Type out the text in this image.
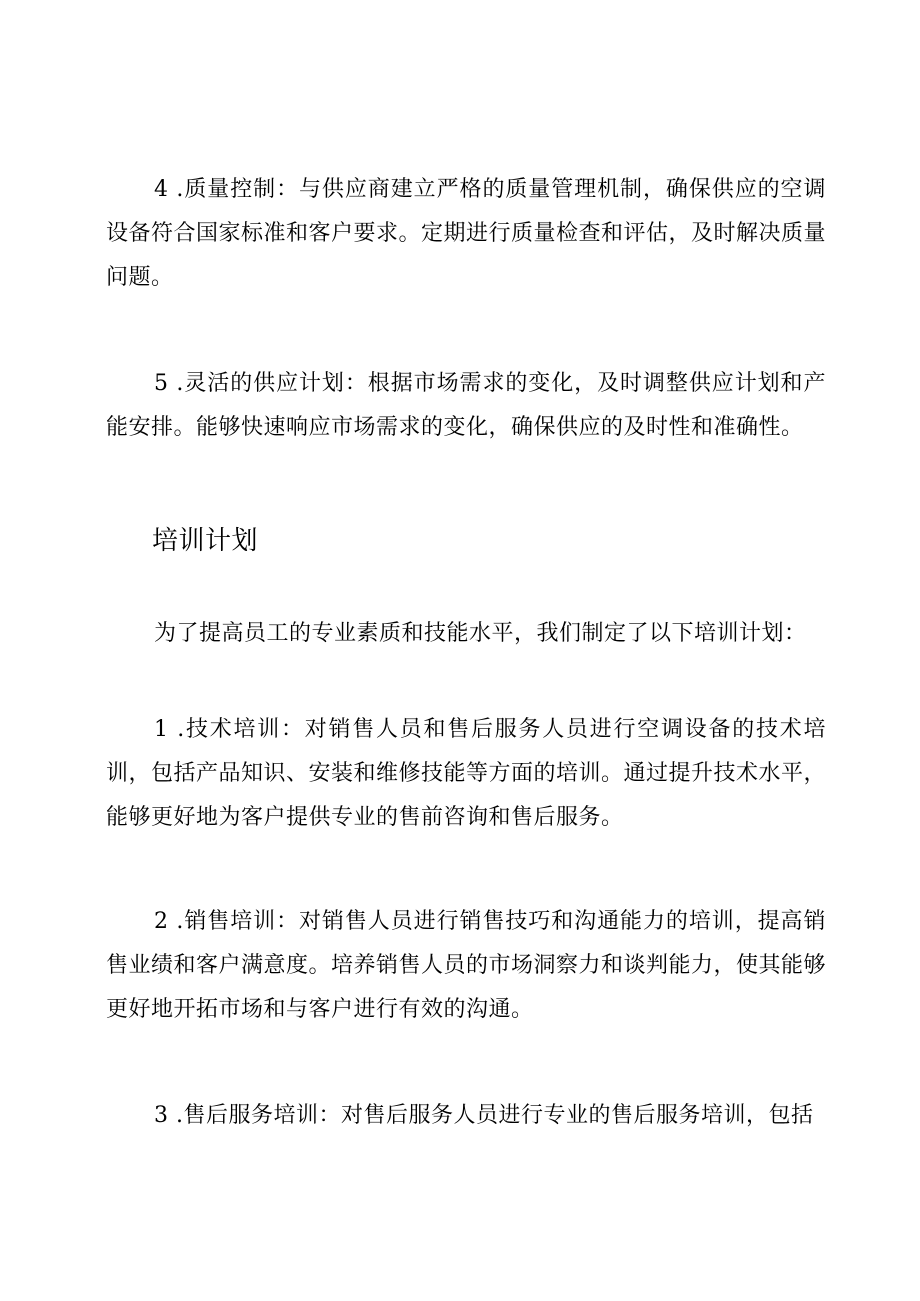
4 .质量控制：与供应商建立严格的质量管理机制，确保供应的空调设备符合国家标准和客户要求。定期进行质量检查和评估，及时解决质量问题。

5 .灵活的供应计划：根据市场需求的变化，及时调整供应计划和产能安排。能够快速响应市场需求的变化，确保供应的及时性和准确性。

培训计划

为了提高员工的专业素质和技能水平，我们制定了以下培训计划：

1 .技术培训：对销售人员和售后服务人员进行空调设备的技术培训，包括产品知识、安装和维修技能等方面的培训。通过提升技术水平，能够更好地为客户提供专业的售前咨询和售后服务。

2 .销售培训：对销售人员进行销售技巧和沟通能力的培训，提高销售业绩和客户满意度。培养销售人员的市场洞察力和谈判能力，使其能够更好地开拓市场和与客户进行有效的沟通。

3 .售后服务培训：对售后服务人员进行专业的售后服务培训，包括
